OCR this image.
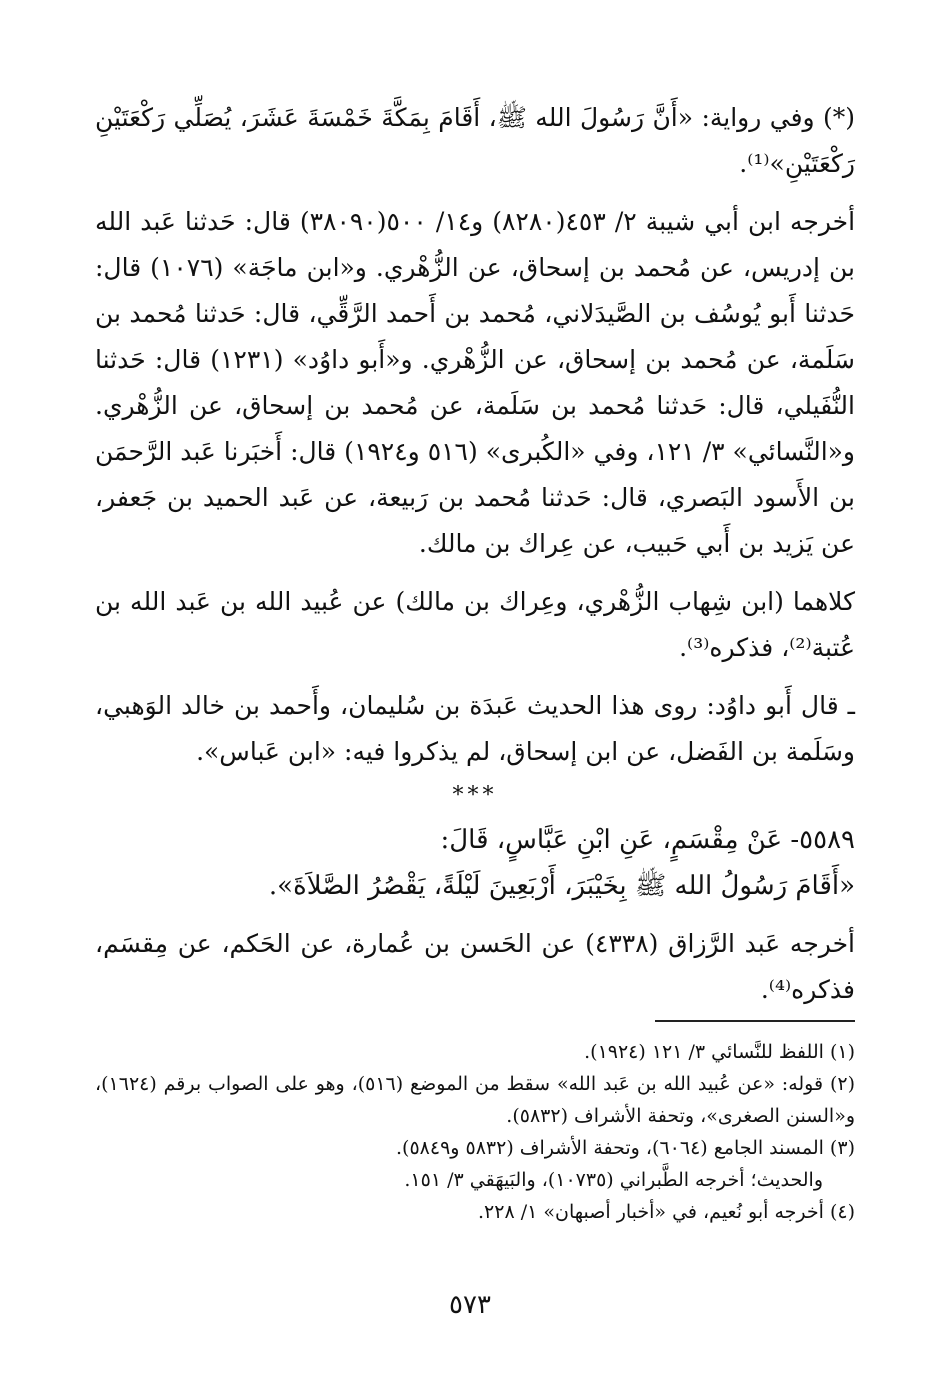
(*) وفي رواية: «أَنَّ رَسُولَ الله ﷺ، أَقَامَ بِمَكَّةَ خَمْسَةَ عَشَرَ، يُصَلِّي رَكْعَتَيْنِ رَكْعَتَيْنِ»⁽¹⁾.

أخرجه ابن أبي شيبة ٢/ ٤٥٣(٨٢٨٠) و١٤/ ٥٠٠(٣٨٠٩٠) قال: حَدثنا عَبد الله بن إدريس، عن مُحمد بن إسحاق، عن الزُّهْري. و«ابن ماجَة» (١٠٧٦) قال: حَدثنا أَبو يُوسُف بن الصَّيدَلاني، مُحمد بن أَحمد الرَّقِّي، قال: حَدثنا مُحمد بن سَلَمة، عن مُحمد بن إسحاق، عن الزُّهْري. و«أَبو داوُد» (١٢٣١) قال: حَدثنا النُّفَيلي، قال: حَدثنا مُحمد بن سَلَمة، عن مُحمد بن إسحاق، عن الزُّهْري. و«النَّسائي» ٣/ ١٢١، وفي «الكُبرى» (٥١٦ و١٩٢٤) قال: أَخبَرنا عَبد الرَّحمَن بن الأَسود البَصري، قال: حَدثنا مُحمد بن رَبيعة، عن عَبد الحميد بن جَعفر، عن يَزيد بن أَبي حَبيب، عن عِراك بن مالك.

كلاهما (ابن شِهاب الزُّهْري، وعِراك بن مالك) عن عُبيد الله بن عَبد الله بن عُتبة⁽²⁾، فذكره⁽³⁾.

ـ قال أَبو داوُد: روى هذا الحديث عَبدَة بن سُليمان، وأَحمد بن خالد الوَهبي، وسَلَمة بن الفَضل، عن ابن إسحاق، لم يذكروا فيه: «ابن عَباس».

***

٥٥٨٩- عَنْ مِقْسَمٍ، عَنِ ابْنِ عَبَّاسٍ، قَالَ:

«أَقَامَ رَسُولُ الله ﷺ بِخَيْبَرَ، أَرْبَعِينَ لَيْلَةً، يَقْصُرُ الصَّلاَةَ».

أخرجه عَبد الرَّزاق (٤٣٣٨) عن الحَسن بن عُمارة، عن الحَكم، عن مِقسَم، فذكره⁽⁴⁾.

(١) اللفظ للنَّسائي ٣/ ١٢١ (١٩٢٤).

(٢) قوله: «عن عُبيد الله بن عَبد الله» سقط من الموضع (٥١٦)، وهو على الصواب برقم (١٦٢٤)، و«السنن الصغرى»، وتحفة الأشراف (٥٨٣٢).

(٣) المسند الجامع (٦٠٦٤)، وتحفة الأشراف (٥٨٣٢ و٥٨٤٩).

والحديث؛ أخرجه الطَّبراني (١٠٧٣٥)، والبَيهَقي ٣/ ١٥١.

(٤) أخرجه أبو نُعيم، في «أخبار أصبهان» ١/ ٢٢٨.

٥٧٣
